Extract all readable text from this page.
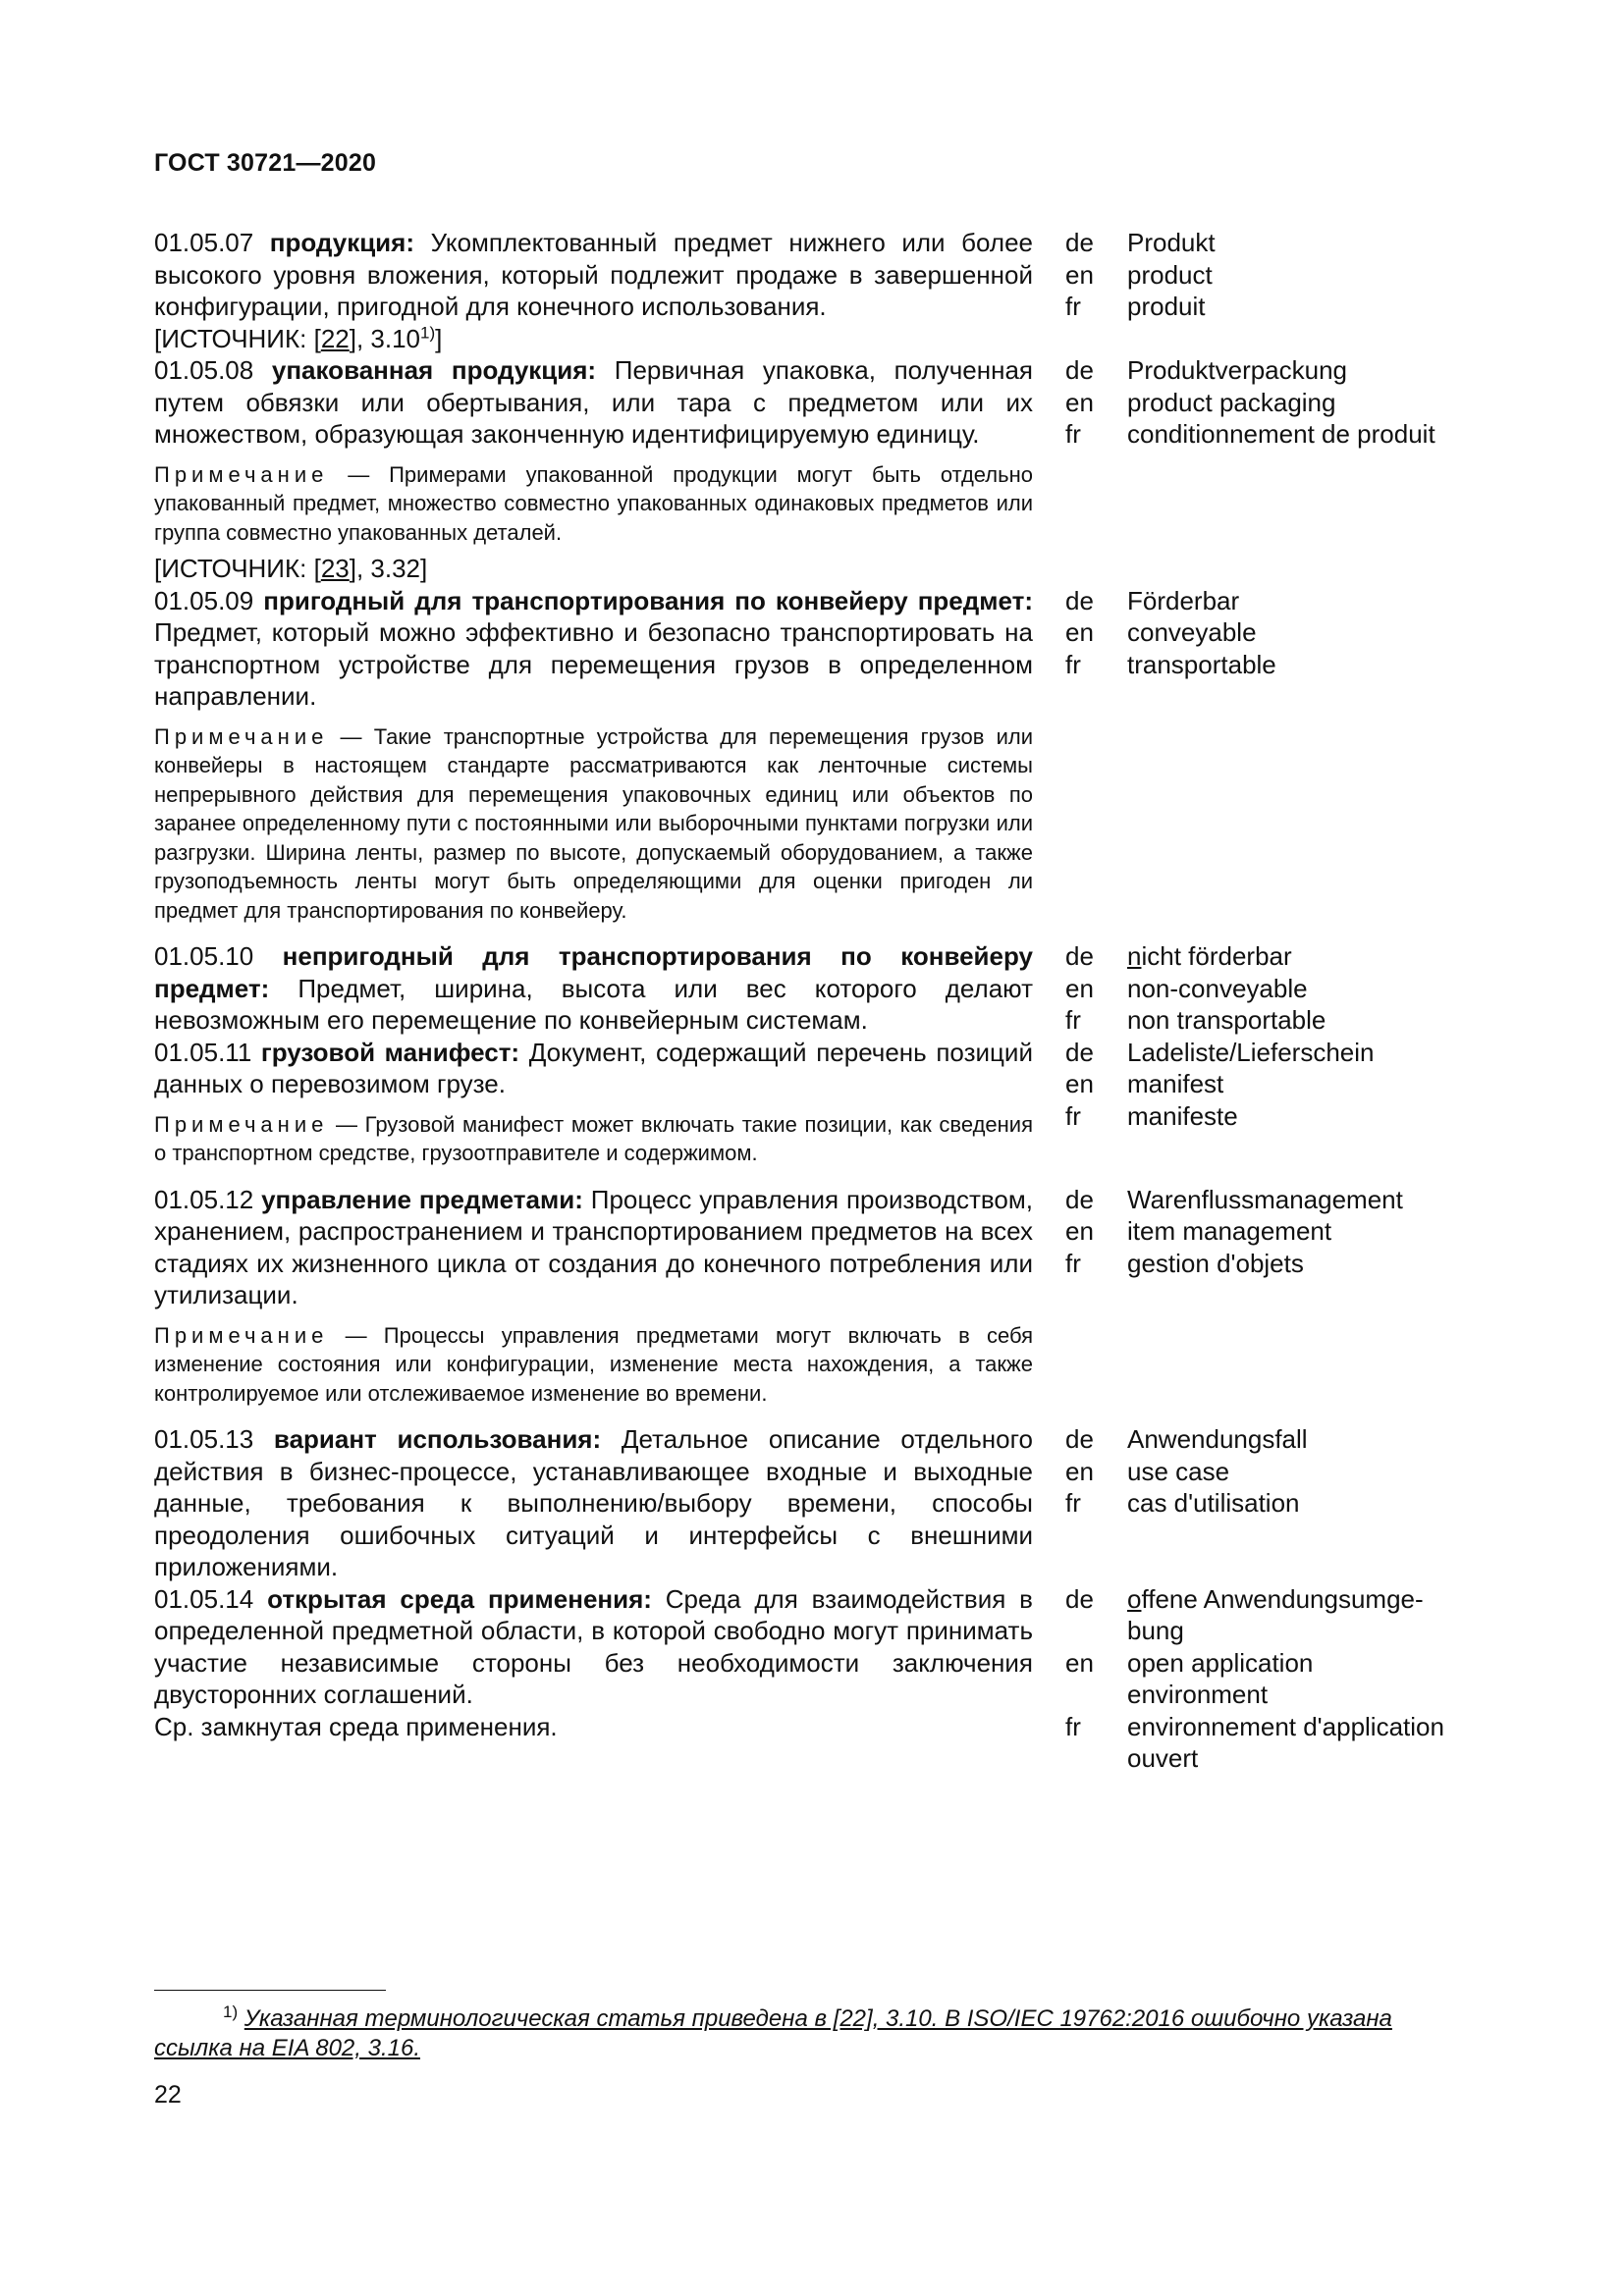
ГОСТ 30721—2020
01.05.07 продукция: Укомплектованный предмет нижнего или более высокого уровня вложения, который подлежит продаже в завершенной конфигурации, пригодной для конечного использования.
[ИСТОЧНИК: [22], 3.10$^{1)}$]
de	Produkt
en	product
fr	produit
01.05.08 упакованная продукция: Первичная упаковка, полученная путем обвязки или обертывания, или тара с предметом или их множеством, образующая законченную идентифицируемую единицу.
Примечание — Примерами упакованной продукции могут быть отдельно упакованный предмет, множество совместно упакованных одинаковых предметов или группа совместно упакованных деталей.
[ИСТОЧНИК: [23], 3.32]
de	Produktverpackung
en	product packaging
fr	conditionnement de produit
01.05.09 пригодный для транспортирования по конвейеру предмет: Предмет, который можно эффективно и безопасно транспортировать на транспортном устройстве для перемещения грузов в определенном направлении.
Примечание — Такие транспортные устройства для перемещения грузов или конвейеры в настоящем стандарте рассматриваются как ленточные системы непрерывного действия для перемещения упаковочных единиц или объектов по заранее определенному пути с постоянными или выборочными пунктами погрузки или разгрузки. Ширина ленты, размер по высоте, допускаемый оборудованием, а также грузоподъемность ленты могут быть определяющими для оценки пригоден ли предмет для транспортирования по конвейеру.
de	Förderbar
en	conveyable
fr	transportable
01.05.10 непригодный для транспортирования по конвейеру предмет: Предмет, ширина, высота или вес которого делают невозможным его перемещение по конвейерным системам.
de	nicht förderbar
en	non-conveyable
fr	non transportable
01.05.11 грузовой манифест: Документ, содержащий перечень позиций данных о перевозимом грузе.
Примечание — Грузовой манифест может включать такие позиции, как сведения о транспортном средстве, грузоотправителе и содержимом.
de	Ladeliste/Lieferschein
en	manifest
fr	manifeste
01.05.12 управление предметами: Процесс управления производством, хранением, распространением и транспортированием предметов на всех стадиях их жизненного цикла от создания до конечного потребления или утилизации.
Примечание — Процессы управления предметами могут включать в себя изменение состояния или конфигурации, изменение места нахождения, а также контролируемое или отслеживаемое изменение во времени.
de	Warenflussmanagement
en	item management
fr	gestion d'objets
01.05.13 вариант использования: Детальное описание отдельного действия в бизнес-процессе, устанавливающее входные и выходные данные, требования к выполнению/выбору времени, способы преодоления ошибочных ситуаций и интерфейсы с внешними приложениями.
de	Anwendungsfall
en	use case
fr	cas d'utilisation
01.05.14 открытая среда применения: Среда для взаимодействия в определенной предметной области, в которой свободно могут принимать участие независимые стороны без необходимости заключения двусторонних соглашений.
Ср. замкнутая среда применения.
de	offene Anwendungsumge-
bung
en	open application
environment
fr	environnement d'application
ouvert
$^{1)}$ Указанная терминологическая статья приведена в [22], 3.10. В ISO/IEC 19762:2016 ошибочно указана ссылка на EIA 802, 3.16.
22
